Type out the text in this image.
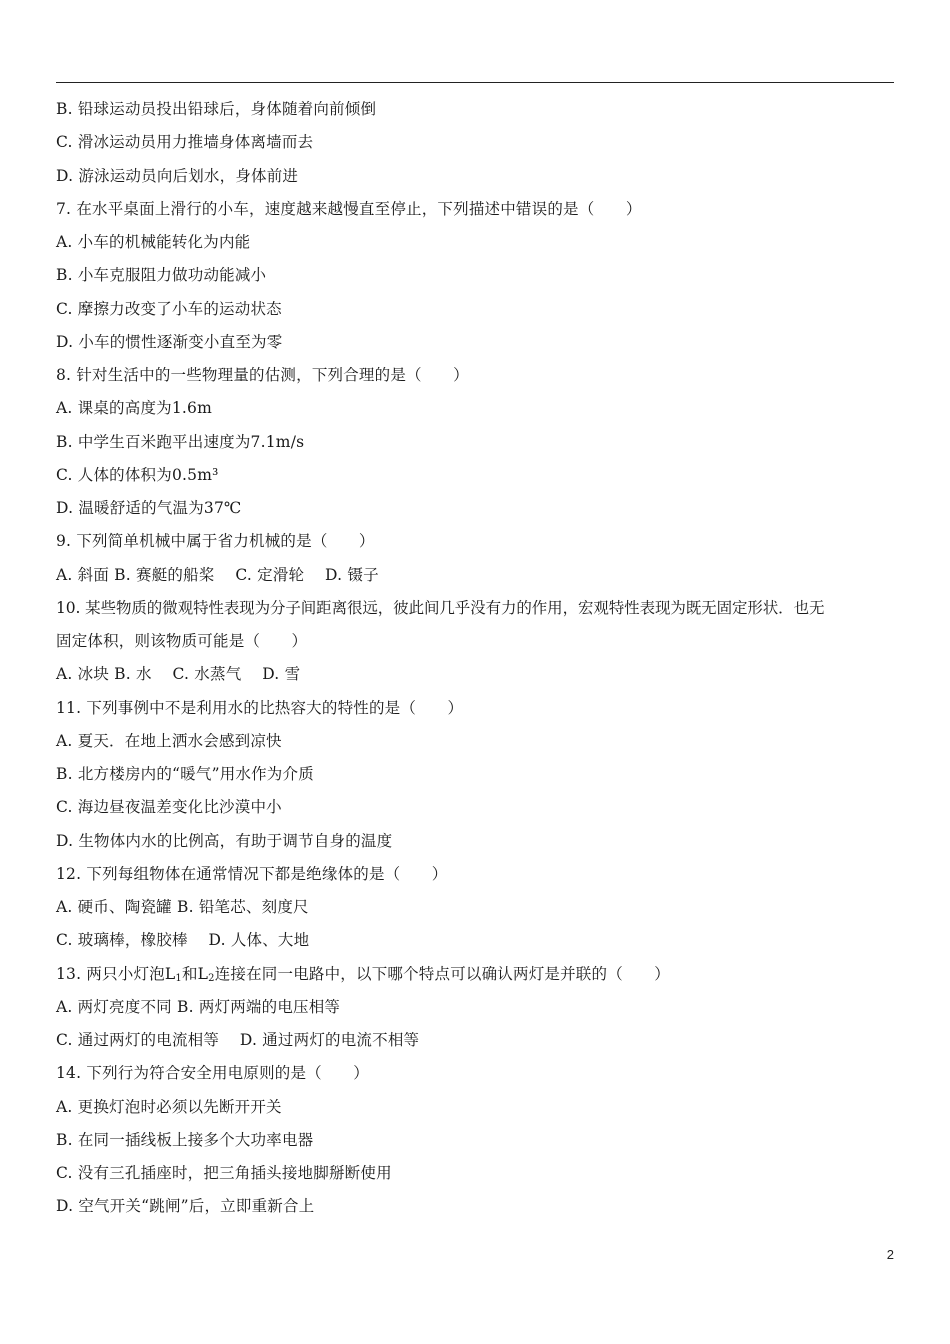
B. 铅球运动员投出铅球后，身体随着向前倾倒
C. 滑冰运动员用力推墙身体离墙而去
D. 游泳运动员向后划水，身体前进
7. 在水平桌面上滑行的小车，速度越来越慢直至停止，下列描述中错误的是（　　）
A. 小车的机械能转化为内能
B. 小车克服阻力做功动能减小
C. 摩擦力改变了小车的运动状态
D. 小车的惯性逐渐变小直至为零
8. 针对生活中的一些物理量的估测，下列合理的是（　　）
A. 课桌的高度为1.6m
B. 中学生百米跑平出速度为7.1m/s
C. 人体的体积为0.5m³
D. 温暖舒适的气温为37℃
9. 下列简单机械中属于省力机械的是（　　）
A. 斜面 B. 赛艇的船桨　 C. 定滑轮　 D. 镊子
10. 某些物质的微观特性表现为分子间距离很远，彼此间几乎没有力的作用，宏观特性表现为既无固定形状．也无
固定体积，则该物质可能是（　　）
A. 冰块 B. 水　 C. 水蒸气　 D. 雪
11. 下列事例中不是利用水的比热容大的特性的是（　　）
A. 夏天．在地上洒水会感到凉快
B. 北方楼房内的“暖气”用水作为介质
C. 海边昼夜温差变化比沙漠中小
D. 生物体内水的比例高，有助于调节自身的温度
12. 下列每组物体在通常情况下都是绝缘体的是（　　）
A. 硬币、陶瓷罐 B. 铅笔芯、刻度尺
C. 玻璃棒，橡胶棒　 D. 人体、大地
13. 两只小灯泡$L_1$和$L_2$连接在同一电路中，以下哪个特点可以确认两灯是并联的（　　）
A. 两灯亮度不同 B. 两灯两端的电压相等
C. 通过两灯的电流相等　 D. 通过两灯的电流不相等
14. 下列行为符合安全用电原则的是（　　）
A. 更换灯泡时必须以先断开开关
B. 在同一插线板上接多个大功率电器
C. 没有三孔插座时，把三角插头接地脚掰断使用
D. 空气开关“跳闸”后，立即重新合上
2
